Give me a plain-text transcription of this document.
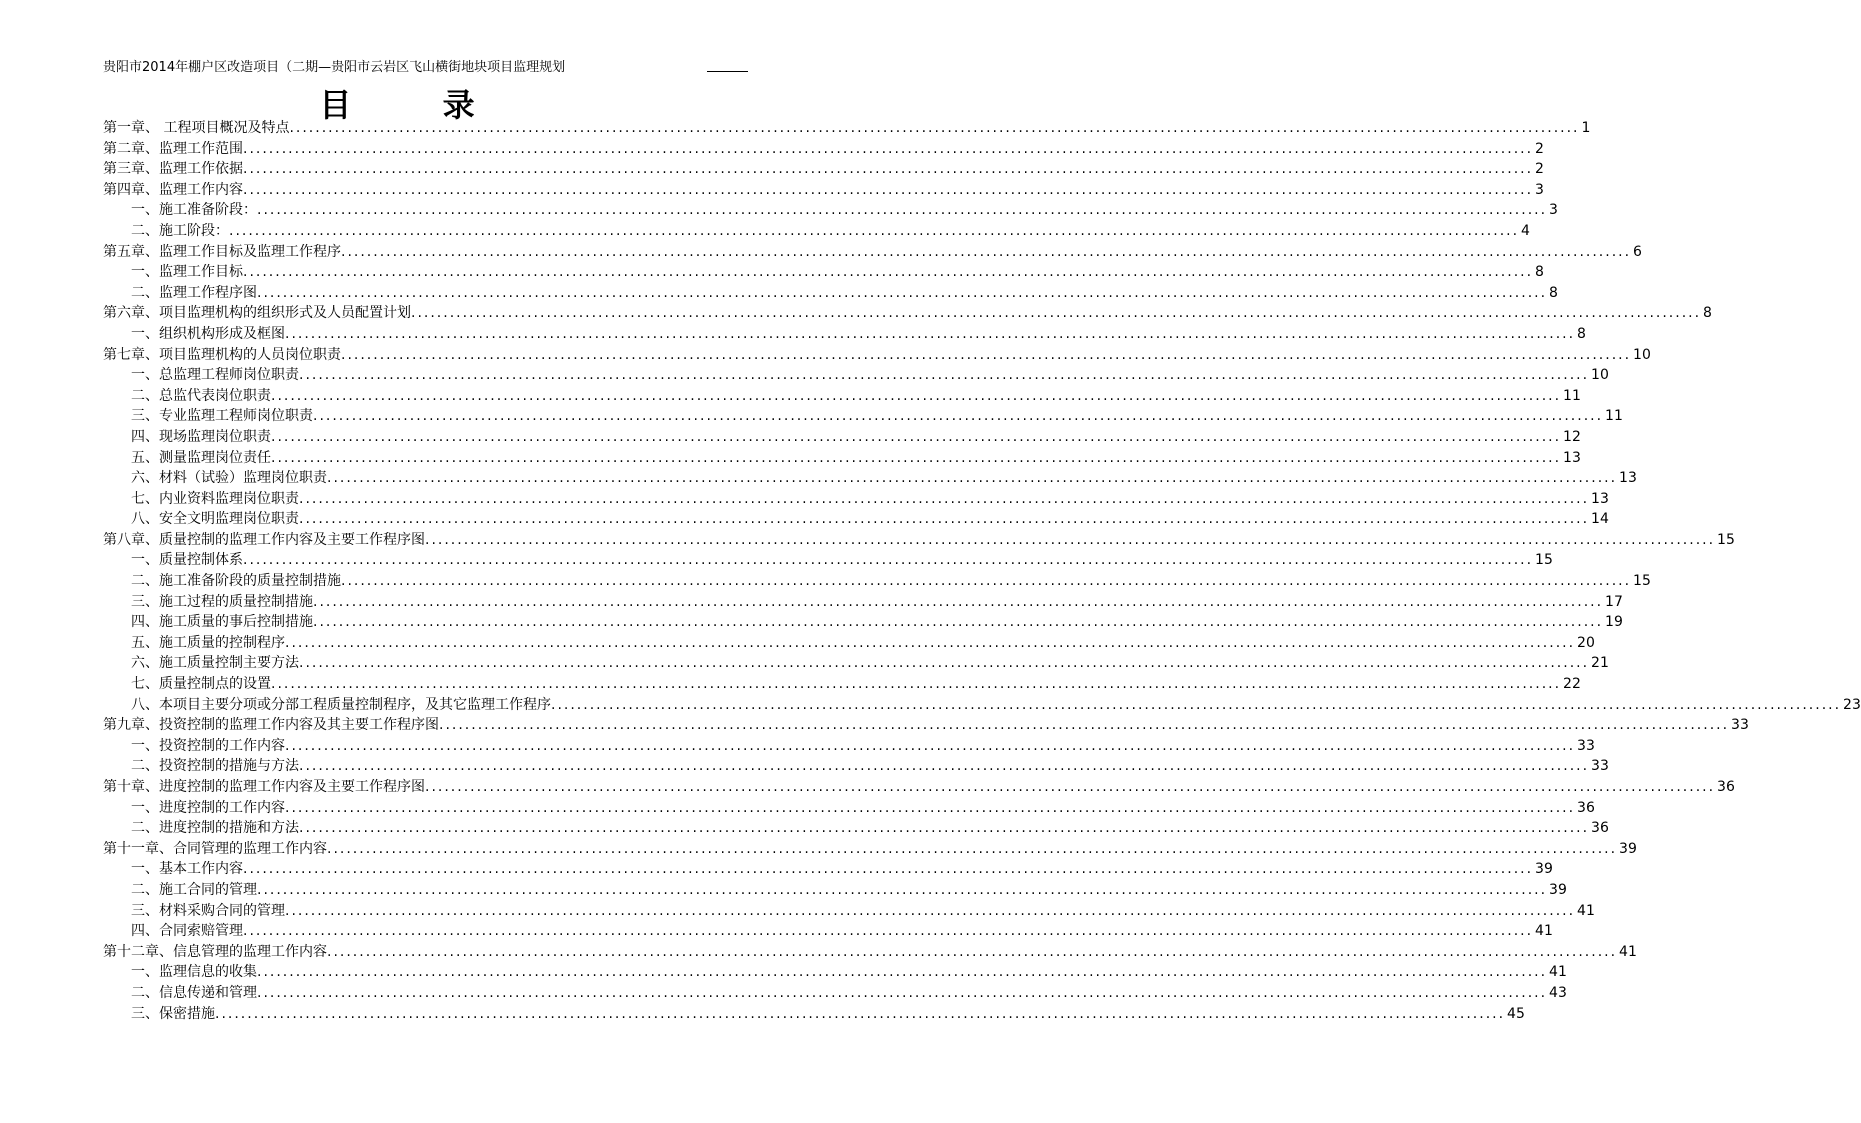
贵阳市2014年棚户区改造项目（二期—贵阳市云岩区飞山横街地块项目监理规划
目 录
第一章、 工程项目概况及特点 ........................................................................................................................................................................................................ 1
第二章、监理工作范围 ........................................................................................................................................................................................................ 2
第三章、监理工作依据 ........................................................................................................................................................................................................ 2
第四章、监理工作内容 ........................................................................................................................................................................................................ 3
一、施工准备阶段： ........................................................................................................................................................................................................ 3
二、施工阶段： ........................................................................................................................................................................................................ 4
第五章、监理工作目标及监理工作程序 ........................................................................................................................................................................................................ 6
一、监理工作目标 ........................................................................................................................................................................................................ 8
二、监理工作程序图 ........................................................................................................................................................................................................ 8
第六章、项目监理机构的组织形式及人员配置计划 ........................................................................................................................................................................................................ 8
一、组织机构形成及框图 ........................................................................................................................................................................................................ 8
第七章、项目监理机构的人员岗位职责 ........................................................................................................................................................................................................ 10
一、总监理工程师岗位职责 ........................................................................................................................................................................................................ 10
二、总监代表岗位职责 ........................................................................................................................................................................................................ 11
三、专业监理工程师岗位职责 ........................................................................................................................................................................................................ 11
四、现场监理岗位职责 ........................................................................................................................................................................................................ 12
五、测量监理岗位责任 ........................................................................................................................................................................................................ 13
六、材料（试验）监理岗位职责 ........................................................................................................................................................................................................ 13
七、内业资料监理岗位职责 ........................................................................................................................................................................................................ 13
八、安全文明监理岗位职责 ........................................................................................................................................................................................................ 14
第八章、质量控制的监理工作内容及主要工作程序图 ........................................................................................................................................................................................................ 15
一、质量控制体系 ........................................................................................................................................................................................................ 15
二、施工准备阶段的质量控制措施 ........................................................................................................................................................................................................ 15
三、施工过程的质量控制措施 ........................................................................................................................................................................................................ 17
四、施工质量的事后控制措施 ........................................................................................................................................................................................................ 19
五、施工质量的控制程序 ........................................................................................................................................................................................................ 20
六、施工质量控制主要方法 ........................................................................................................................................................................................................ 21
七、质量控制点的设置 ........................................................................................................................................................................................................ 22
八、本项目主要分项或分部工程质量控制程序，及其它监理工作程序 ........................................................................................................................................................................................................ 23
第九章、投资控制的监理工作内容及其主要工作程序图 ........................................................................................................................................................................................................ 33
一、投资控制的工作内容 ........................................................................................................................................................................................................ 33
二、投资控制的措施与方法 ........................................................................................................................................................................................................ 33
第十章、进度控制的监理工作内容及主要工作程序图 ........................................................................................................................................................................................................ 36
一、进度控制的工作内容 ........................................................................................................................................................................................................ 36
二、进度控制的措施和方法 ........................................................................................................................................................................................................ 36
第十一章、合同管理的监理工作内容 ........................................................................................................................................................................................................ 39
一、基本工作内容 ........................................................................................................................................................................................................ 39
二、施工合同的管理 ........................................................................................................................................................................................................ 39
三、材料采购合同的管理 ........................................................................................................................................................................................................ 41
四、合同索赔管理 ........................................................................................................................................................................................................ 41
第十二章、信息管理的监理工作内容 ........................................................................................................................................................................................................ 41
一、监理信息的收集 ........................................................................................................................................................................................................ 41
二、信息传递和管理 ........................................................................................................................................................................................................ 43
三、保密措施 ........................................................................................................................................................................................................ 45
